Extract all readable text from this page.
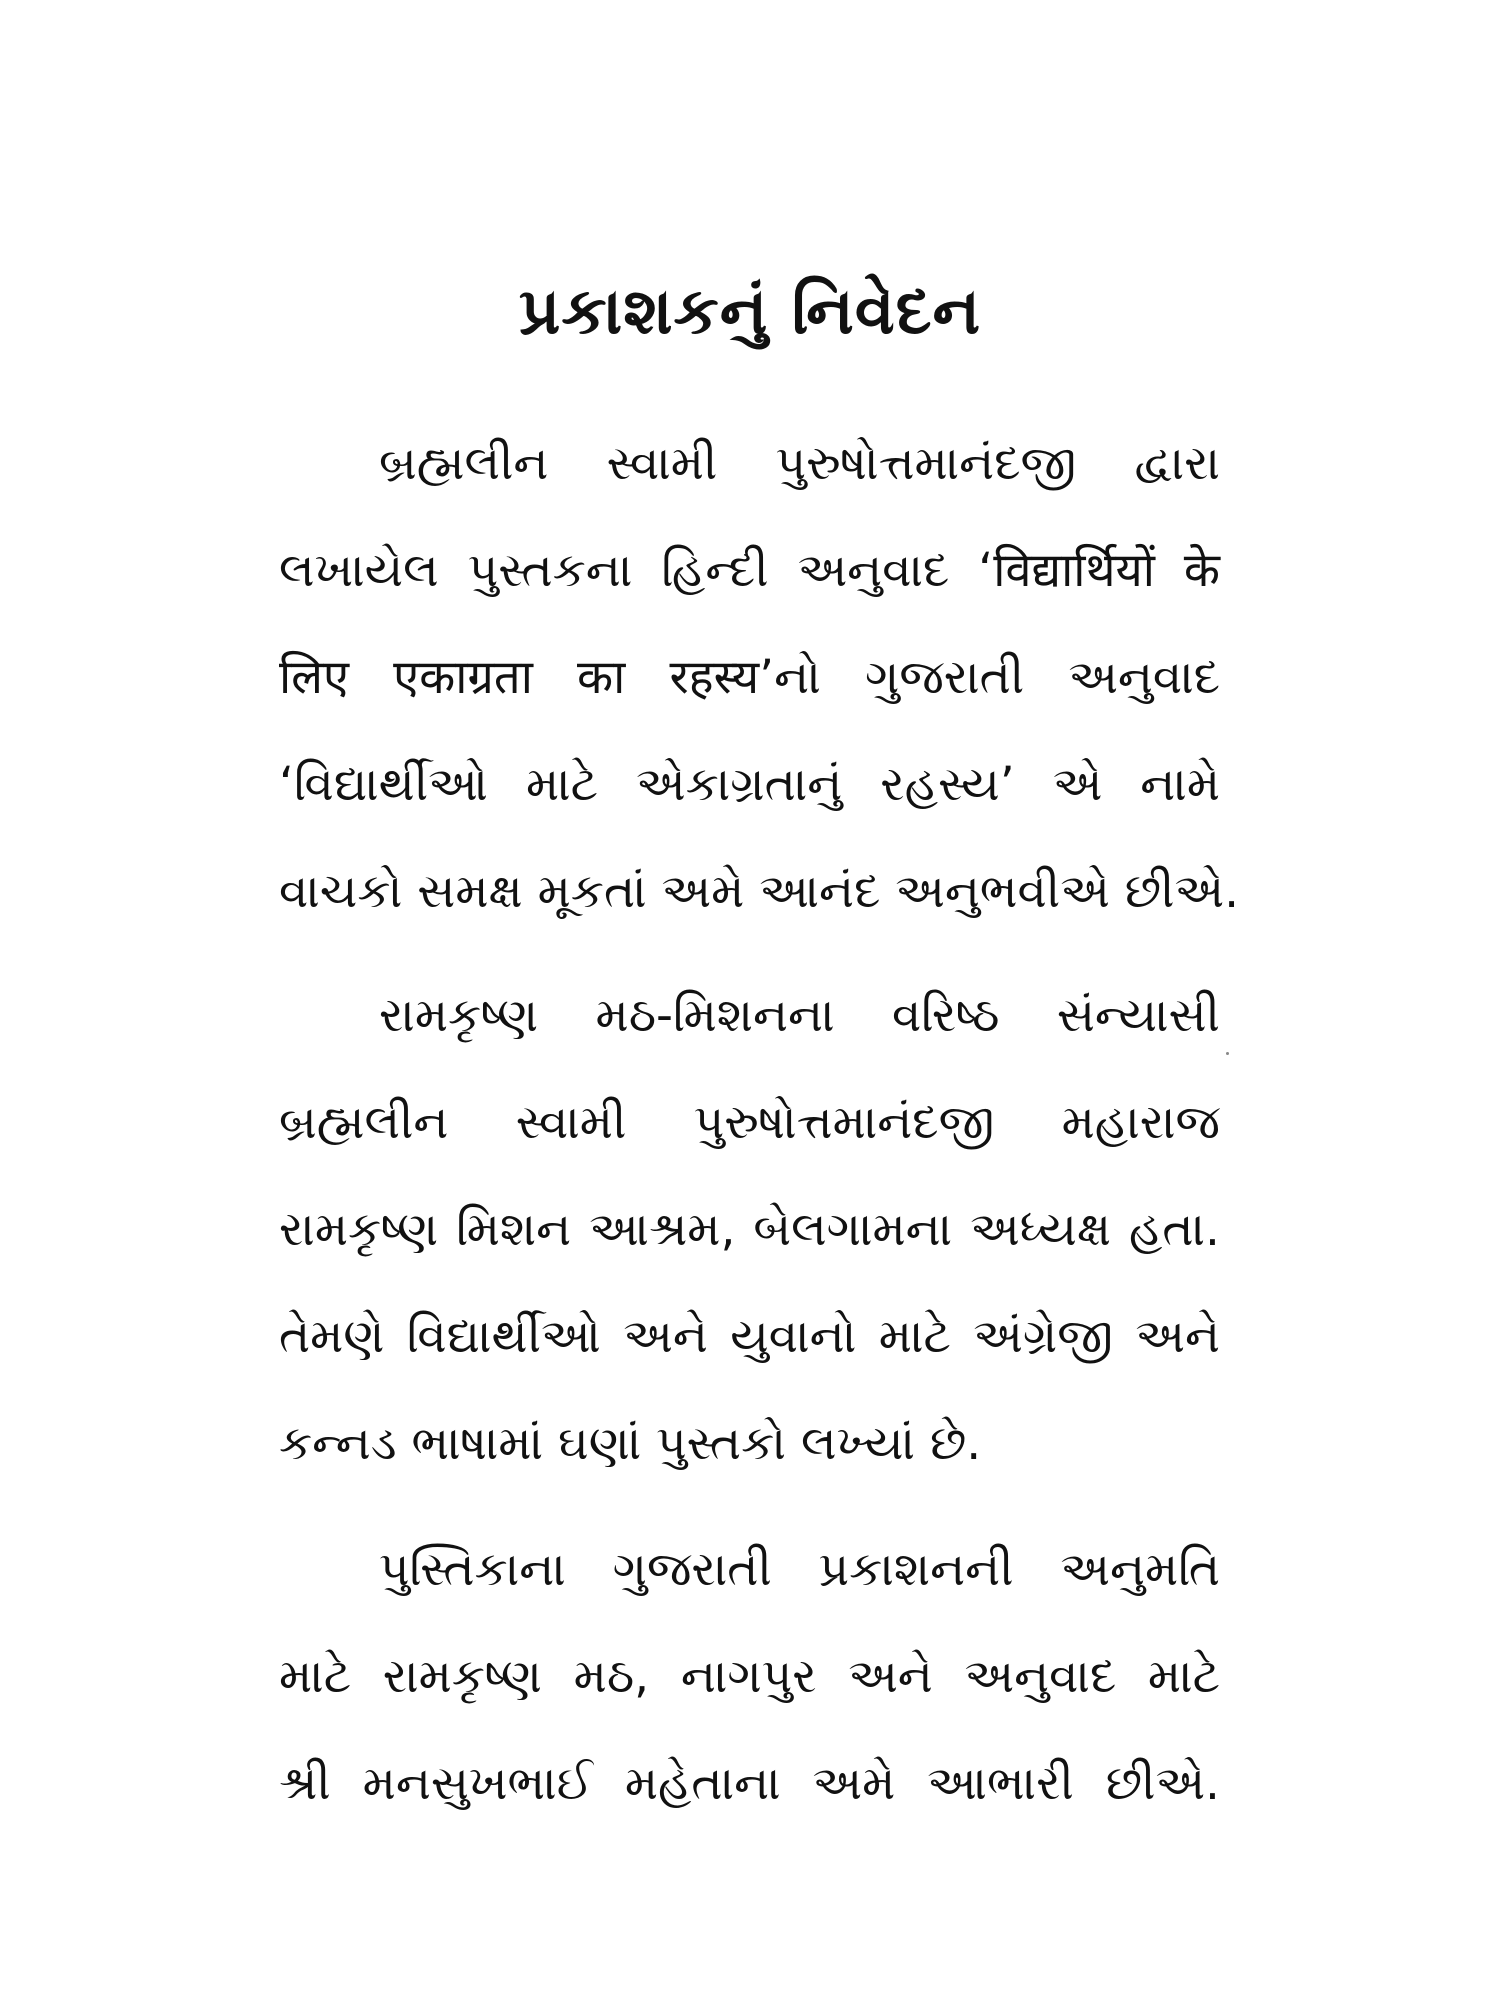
પ્રકાશકનું નિવેદન
બ્રહ્મલીન સ્વામી પુરુષોત્તમાનંદજી દ્વારા
લખાયેલ પુસ્તકના હિન્દી અનુવાદ ‘विद्यार्थियों के
लिए एकाग्रता का रहस्य’નો ગુજરાતી અનુવાદ
‘વિદ્યાર્થીઓ માટે એકાગ્રતાનું રહસ્ય’ એ નામે
વાચકો સમક્ષ મૂકતાં અમે આનંદ અનુભવીએ છીએ.
રામકૃષ્ણ મઠ-મિશનના વરિષ્ઠ સંન્યાસી
બ્રહ્મલીન સ્વામી પુરુષોત્તમાનંદજી મહારાજ
રામકૃષ્ણ મિશન આશ્રમ, બેલગામના અધ્યક્ષ હતા.
તેમણે વિદ્યાર્થીઓ અને યુવાનો માટે અંગ્રેજી અને
કન્નડ ભાષામાં ઘણાં પુસ્તકો લખ્યાં છે.
પુસ્તિકાના ગુજરાતી પ્રકાશનની અનુમતિ
માટે રામકૃષ્ણ મઠ, નાગપુર અને અનુવાદ માટે
શ્રી મનસુખભાઈ મહેતાના અમે આભારી છીએ.
